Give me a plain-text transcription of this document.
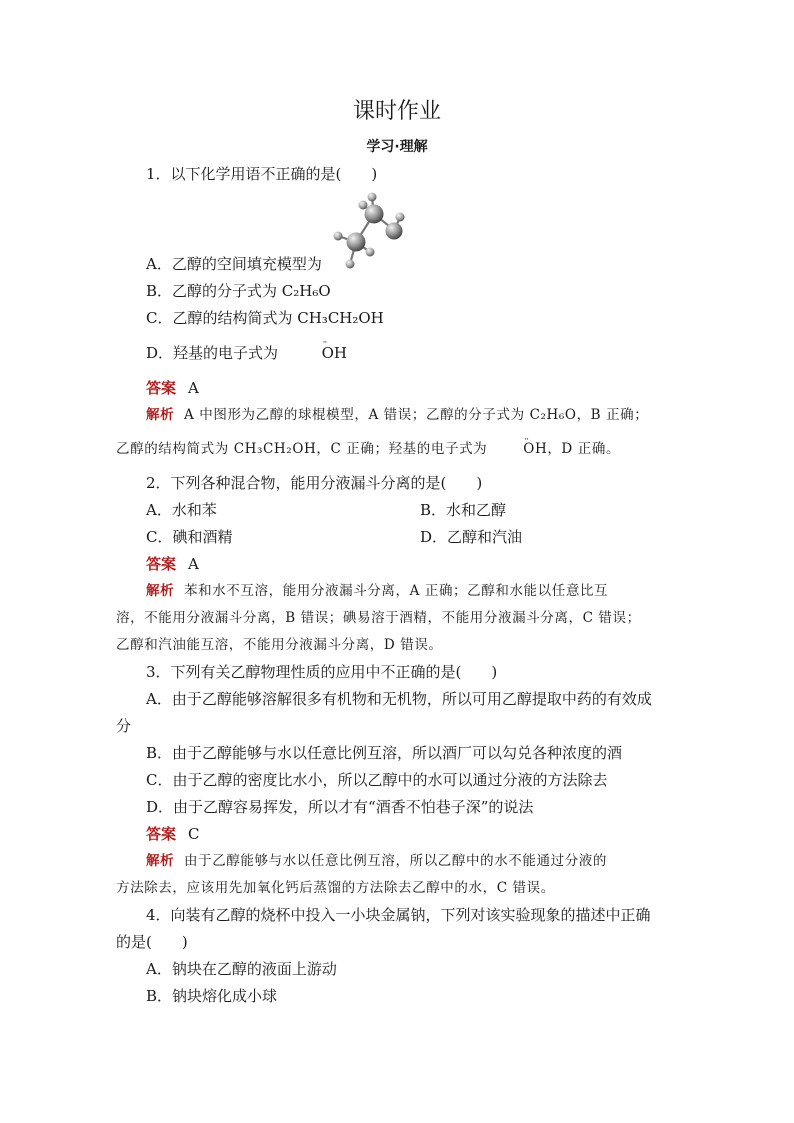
课时作业
学习·理解
1．以下化学用语不正确的是(　　)
A．乙醇的空间填充模型为
B．乙醇的分子式为 C₂H₆O
C．乙醇的结构简式为 CH₃CH₂OH
D．羟基的电子式为	·· OH
答案 A
解析 A 中图形为乙醇的球棍模型，A 错误；乙醇的分子式为 C₂H₆O，B 正确；
乙醇的结构简式为 CH₃CH₂OH，C 正确；羟基的电子式为	·· OH，D 正确。
2．下列各种混合物，能用分液漏斗分离的是(　　)
A．水和苯	B．水和乙醇
C．碘和酒精	D．乙醇和汽油
答案 A
解析 苯和水不互溶，能用分液漏斗分离，A 正确；乙醇和水能以任意比互
溶，不能用分液漏斗分离，B 错误；碘易溶于酒精，不能用分液漏斗分离，C 错误；
乙醇和汽油能互溶，不能用分液漏斗分离，D 错误。
3．下列有关乙醇物理性质的应用中不正确的是(　　)
A．由于乙醇能够溶解很多有机物和无机物，所以可用乙醇提取中药的有效成
分
B．由于乙醇能够与水以任意比例互溶，所以酒厂可以勾兑各种浓度的酒
C．由于乙醇的密度比水小，所以乙醇中的水可以通过分液的方法除去
D．由于乙醇容易挥发，所以才有“酒香不怕巷子深”的说法
答案 C
解析 由于乙醇能够与水以任意比例互溶，所以乙醇中的水不能通过分液的
方法除去，应该用先加氧化钙后蒸馏的方法除去乙醇中的水，C 错误。
4．向装有乙醇的烧杯中投入一小块金属钠，下列对该实验现象的描述中正确
的是(　　)
A．钠块在乙醇的液面上游动
B．钠块熔化成小球
